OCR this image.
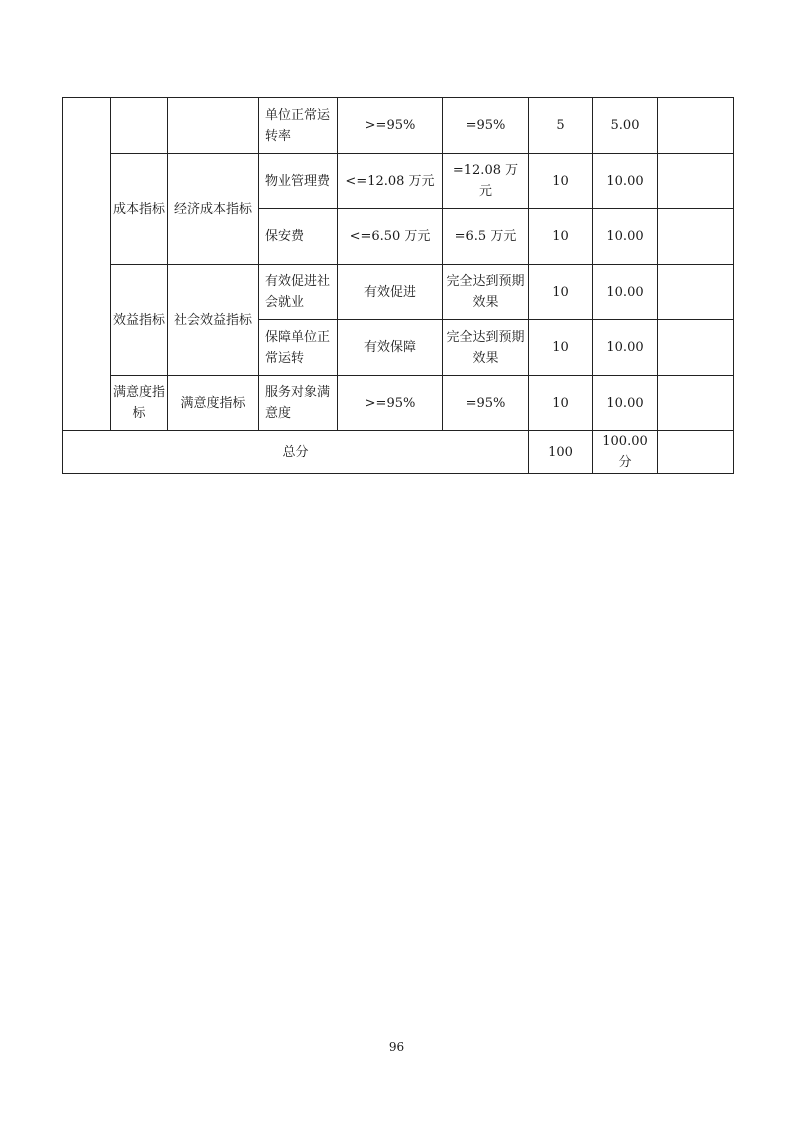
			单位正常运转率	>=95%	=95%	5	5.00	
	成本指标	经济成本指标	物业管理费	<=12.08 万元	=12.08 万元	10	10.00	
			保安费	<=6.50 万元	=6.5 万元	10	10.00	
	效益指标	社会效益指标	有效促进社会就业	有效促进	完全达到预期效果	10	10.00	
			保障单位正常运转	有效保障	完全达到预期效果	10	10.00	
	满意度指标	满意度指标	服务对象满意度	>=95%	=95%	10	10.00	
总分						100	100.00分	
96
